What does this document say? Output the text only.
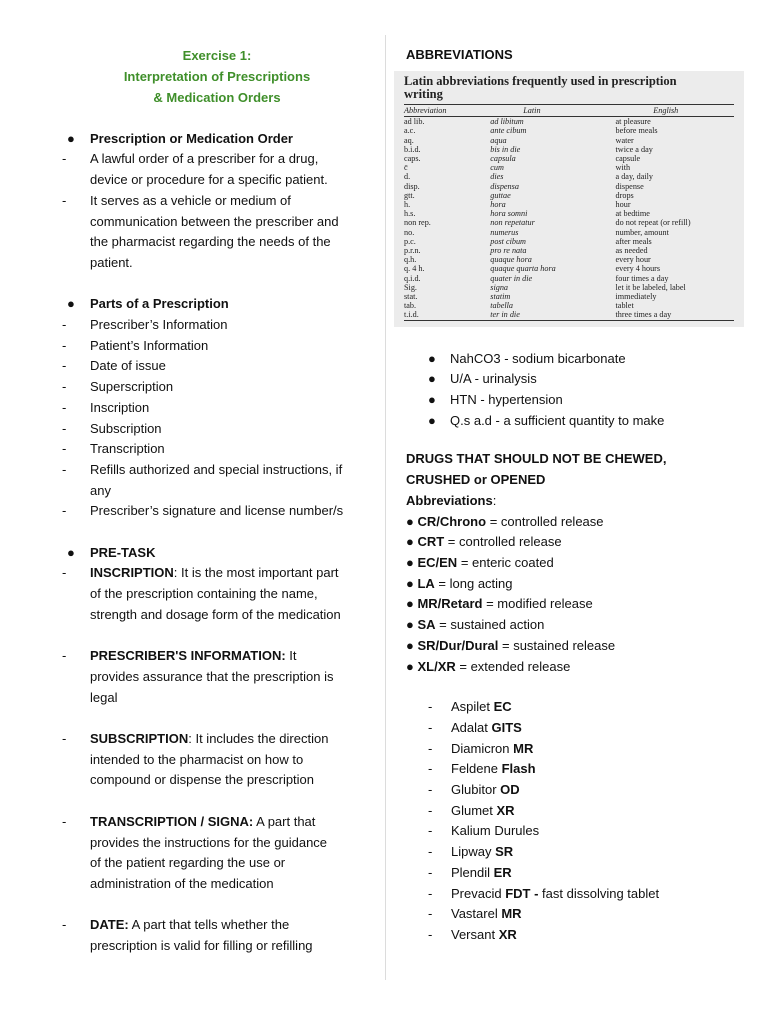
Exercise 1:
Interpretation of Prescriptions
& Medication Orders
●	Prescription or Medication Order
-	A lawful order of a prescriber for a drug,
device or procedure for a specific patient.
-	It serves as a vehicle or medium of
communication between the prescriber and
the pharmacist regarding the needs of the
patient.
●	Parts of a Prescription
-	Prescriber’s Information
-	Patient’s Information
-	Date of issue
-	Superscription
-	Inscription
-	Subscription
-	Transcription
-	Refills authorized and special instructions, if
any
-	Prescriber’s signature and license number/s
●	PRE-TASK
-	INSCRIPTION: It is the most important part
of the prescription containing the name,
strength and dosage form of the medication
-	PRESCRIBER'S INFORMATION: It
provides assurance that the prescription is
legal
-	SUBSCRIPTION: It includes the direction
intended to the pharmacist on how to
compound or dispense the prescription
-	TRANSCRIPTION / SIGNA: A part that
provides the instructions for the guidance
of the patient regarding the use or
administration of the medication
-	DATE: A part that tells whether the
prescription is valid for filling or refilling
ABBREVIATIONS
Latin abbreviations frequently used in prescription
writing
Abbreviation	Latin	English
ad lib.	ad libitum	at pleasure
a.c.	ante cibum	before meals
aq.	aqua	water
b.i.d.	bis in die	twice a day
caps.	capsula	capsule
c̄	cum	with
d.	dies	a day, daily
disp.	dispensa	dispense
gtt.	guttae	drops
h.	hora	hour
h.s.	hora somni	at bedtime
non rep.	non repetatur	do not repeat (or refill)
no.	numerus	number, amount
p.c.	post cibum	after meals
p.r.n.	pro re nata	as needed
q.h.	quaque hora	every hour
q. 4 h.	quaque quarta hora	every 4 hours
q.i.d.	quater in die	four times a day
Sig.	signa	let it be labeled, label
stat.	statim	immediately
tab.	tabella	tablet
t.i.d.	ter in die	three times a day
●	NahCO3 - sodium bicarbonate
●	U/A - urinalysis
●	HTN - hypertension
●	Q.s a.d - a sufficient quantity to make
DRUGS THAT SHOULD NOT BE CHEWED,
CRUSHED or OPENED
Abbreviations:
● CR/Chrono = controlled release
● CRT = controlled release
● EC/EN = enteric coated
● LA = long acting
● MR/Retard = modified release
● SA = sustained action
● SR/Dur/Dural = sustained release
● XL/XR = extended release
-	Aspilet EC
-	Adalat GITS
-	Diamicron MR
-	Feldene Flash
-	Glubitor OD
-	Glumet XR
-	Kalium Durules
-	Lipway SR
-	Plendil ER
-	Prevacid FDT - fast dissolving tablet
-	Vastarel MR
-	Versant XR
